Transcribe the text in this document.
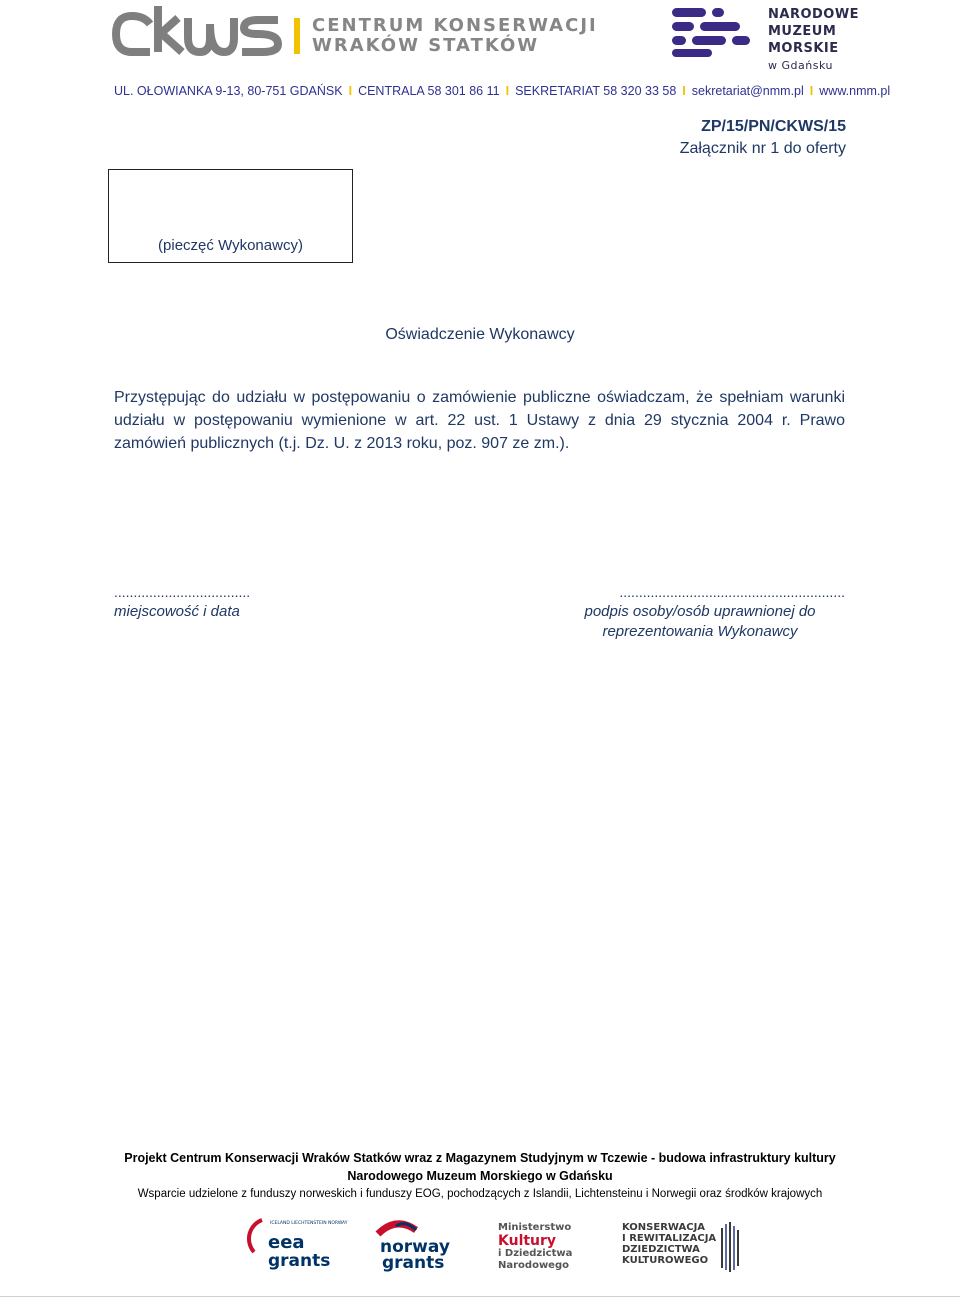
CENTRUM KONSERWACJI
WRAKÓW STATKÓW
NARODOWE
MUZEUM
MORSKIE
w Gdańsku
UL. OŁOWIANKA 9-13, 80-751 GDAŃSK I CENTRALA 58 301 86 11 I SEKRETARIAT 58 320 33 58 I sekretariat@nmm.pl I www.nmm.pl
ZP/15/PN/CKWS/15
Załącznik nr 1 do oferty
(pieczęć Wykonawcy)
Oświadczenie Wykonawcy
Przystępując do udziału w postępowaniu o zamówienie publiczne oświadczam, że spełniam warunki udziału w postępowaniu wymienione w art. 22 ust. 1 Ustawy z dnia 29 stycznia 2004 r. Prawo zamówień publicznych (t.j. Dz. U. z 2013 roku, poz. 907 ze zm.).
...................................
miejscowość i data
..........................................................
podpis osoby/osób uprawnionej do
reprezentowania Wykonawcy
Projekt Centrum Konserwacji Wraków Statków wraz z Magazynem Studyjnym w Tczewie - budowa infrastruktury kultury
Narodowego Muzeum Morskiego w Gdańsku
Wsparcie udzielone z funduszy norweskich i funduszy EOG, pochodzących z Islandii, Lichtensteinu i Norwegii oraz środków krajowych
ICELAND LIECHTENSTEIN NORWAY
eea
grants
norway
grants
Ministerstwo
Kultury
i Dziedzictwa
Narodowego
KONSERWACJA
I REWITALIZACJA
DZIEDZICTWA
KULTUROWEGO
